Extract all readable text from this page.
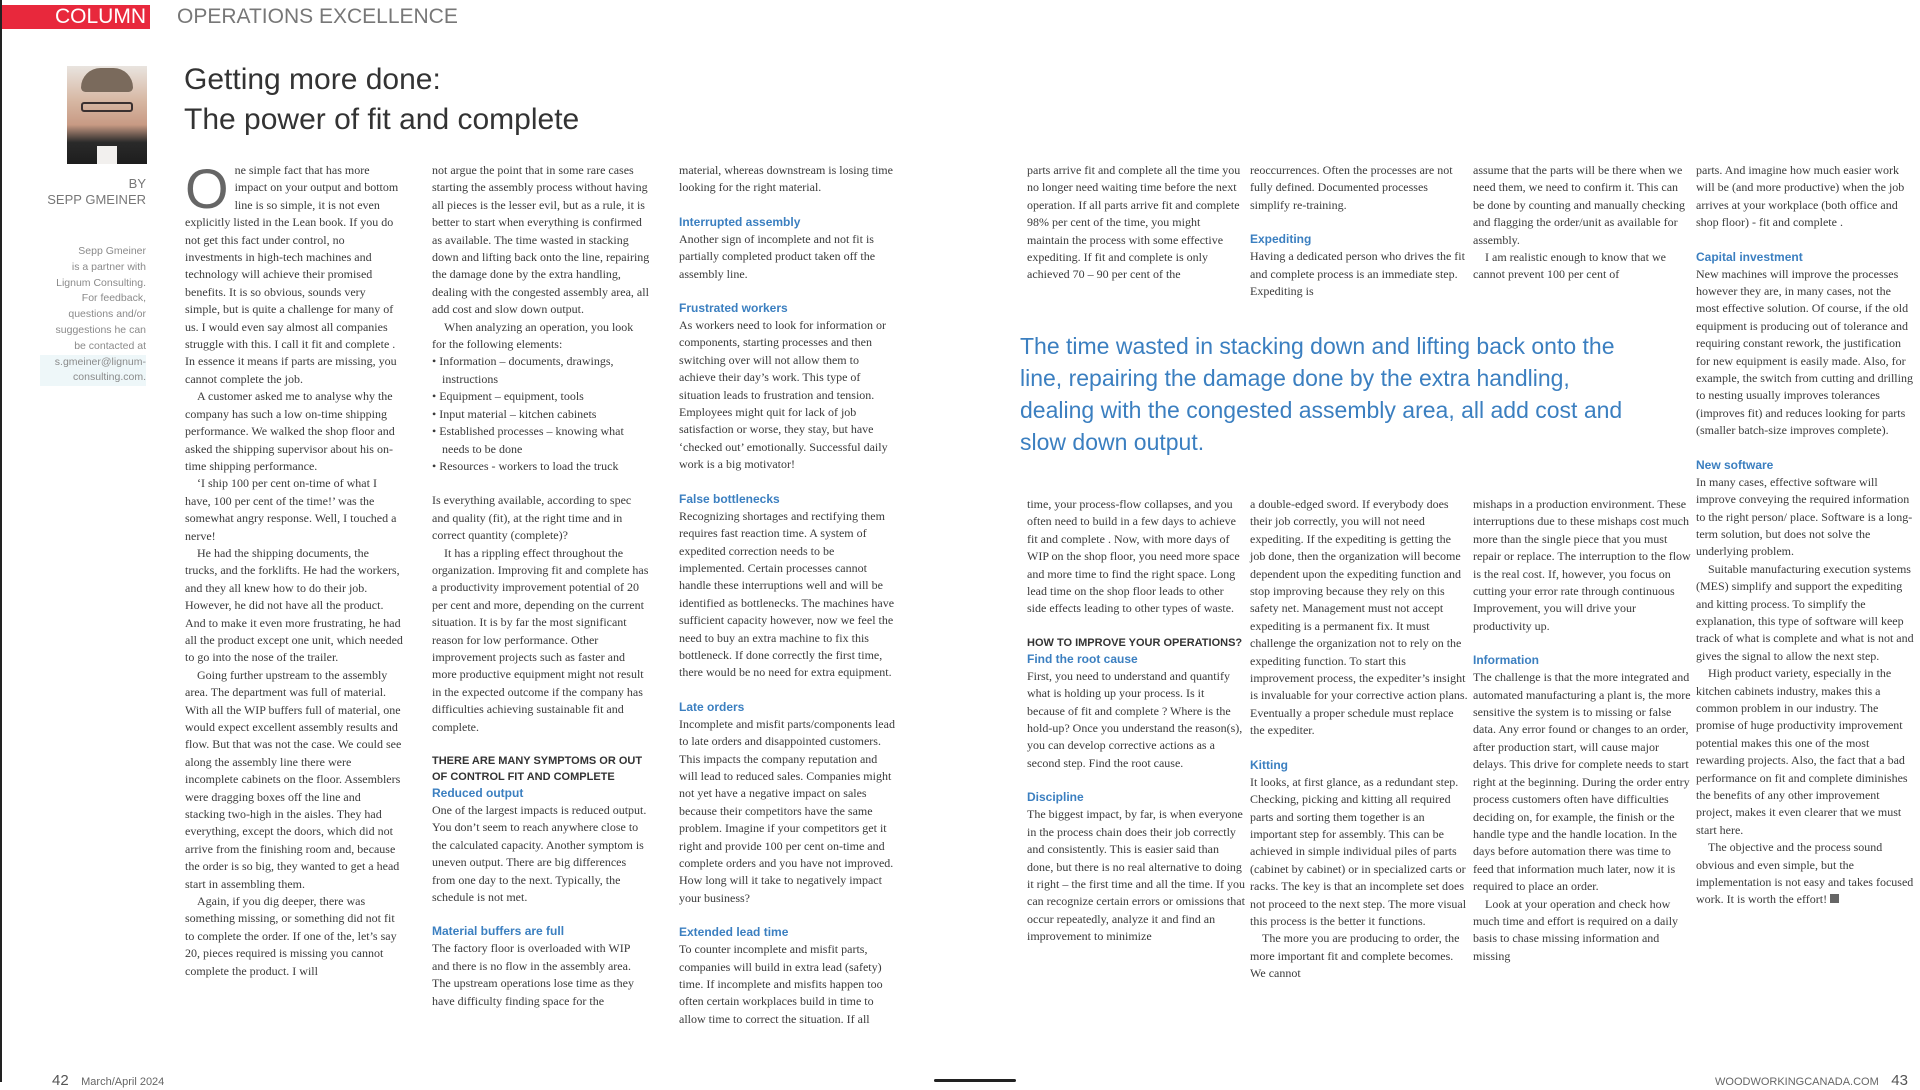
COLUMN OPERATIONS EXCELLENCE
Getting more done:
The power of fit and complete
BY
SEPP GMEINER
Sepp Gmeiner
is a partner with
Lignum Consulting.
For feedback,
questions and/or
suggestions he can
be contacted at
s.gmeiner@lignum-
consulting.com.
O ne simple fact that has more impact on your output and bottom line is so simple, it is not even explicitly listed in the Lean book. If you do not get this fact under control, no investments in high-tech machines and technology will achieve their promised benefits. It is so obvious, sounds very simple, but is quite a challenge for many of us. I would even say almost all companies struggle with this. I call it fit and complete . In essence it means if parts are missing, you cannot complete the job.

A customer asked me to analyse why the company has such a low on-time shipping performance. We walked the shop floor and asked the shipping supervisor about his on-time shipping performance.

‘I ship 100 per cent on-time of what I have, 100 per cent of the time!’ was the somewhat angry response. Well, I touched a nerve!

He had the shipping documents, the trucks, and the forklifts. He had the workers, and they all knew how to do their job. However, he did not have all the product. And to make it even more frustrating, he had all the product except one unit, which needed to go into the nose of the trailer.

Going further upstream to the assembly area. The department was full of material. With all the WIP buffers full of material, one would expect excellent assembly results and flow. But that was not the case. We could see along the assembly line there were incomplete cabinets on the floor. Assemblers were dragging boxes off the line and stacking two-high in the aisles. They had everything, except the doors, which did not arrive from the finishing room and, because the order is so big, they wanted to get a head start in assembling them.

Again, if you dig deeper, there was something missing, or something did not fit to complete the order. If one of the, let’s say 20, pieces required is missing you cannot complete the product. I will

not argue the point that in some rare cases starting the assembly process without having all pieces is the lesser evil, but as a rule, it is better to start when everything is confirmed as available. The time wasted in stacking down and lifting back onto the line, repairing the damage done by the extra handling, dealing with the congested assembly area, all add cost and slow down output.

When analyzing an operation, you look for the following elements:

• Information – documents, drawings, instructions
• Equipment – equipment, tools
• Input material – kitchen cabinets
• Established processes – knowing what needs to be done
• Resources - workers to load the truck

Is everything available, according to spec and quality (fit), at the right time and in correct quantity (complete)?

It has a rippling effect throughout the organization. Improving fit and complete has a productivity improvement potential of 20 per cent and more, depending on the current situation. It is by far the most significant reason for low performance. Other improvement projects such as faster and more productive equipment might not result in the expected outcome if the company has difficulties achieving sustainable fit and complete.

THERE ARE MANY SYMPTOMS OR OUT OF CONTROL FIT AND COMPLETE
Reduced output

One of the largest impacts is reduced output. You don’t seem to reach anywhere close to the calculated capacity. Another symptom is uneven output. There are big differences from one day to the next. Typically, the schedule is not met.

Material buffers are full

The factory floor is overloaded with WIP and there is no flow in the assembly area. The upstream operations lose time as they have difficulty finding space for the

material, whereas downstream is losing time looking for the right material.

Interrupted assembly

Another sign of incomplete and not fit is partially completed product taken off the assembly line.

Frustrated workers

As workers need to look for information or components, starting processes and then switching over will not allow them to achieve their day’s work. This type of situation leads to frustration and tension. Employees might quit for lack of job satisfaction or worse, they stay, but have ‘checked out’ emotionally. Successful daily work is a big motivator!

False bottlenecks

Recognizing shortages and rectifying them requires fast reaction time. A system of expedited correction needs to be implemented. Certain processes cannot handle these interruptions well and will be identified as bottlenecks. The machines have sufficient capacity however, now we feel the need to buy an extra machine to fix this bottleneck. If done correctly the first time, there would be no need for extra equipment.

Late orders

Incomplete and misfit parts/components lead to late orders and disappointed customers. This impacts the company reputation and will lead to reduced sales. Companies might not yet have a negative impact on sales because their competitors have the same problem. Imagine if your competitors get it right and provide 100 per cent on-time and complete orders and you have not improved. How long will it take to negatively impact your business?

Extended lead time

To counter incomplete and misfit parts, companies will build in extra lead (safety) time. If incomplete and misfits happen too often certain workplaces build in time to allow time to correct the situation. If all

parts arrive fit and complete all the time you no longer need waiting time before the next operation. If all parts arrive fit and complete 98% per cent of the time, you might maintain the process with some effective expediting. If fit and complete is only achieved 70 – 90 per cent of the

reoccurrences. Often the processes are not fully defined. Documented processes simplify re-training.

Expediting

Having a dedicated person who drives the fit and complete process is an immediate step. Expediting is

assume that the parts will be there when we need them, we need to confirm it. This can be done by counting and manually checking and flagging the order/unit as available for assembly.

I am realistic enough to know that we cannot prevent 100 per cent of

The time wasted in stacking down and lifting back onto the line, repairing the damage done by the extra handling, dealing with the congested assembly area, all add cost and slow down output.

time, your process-flow collapses, and you often need to build in a few days to achieve fit and complete . Now, with more days of WIP on the shop floor, you need more space and more time to find the right space. Long lead time on the shop floor leads to other side effects leading to other types of waste.

HOW TO IMPROVE YOUR OPERATIONS?
Find the root cause

First, you need to understand and quantify what is holding up your process. Is it because of fit and complete ? Where is the hold-up? Once you understand the reason(s), you can develop corrective actions as a second step. Find the root cause.

Discipline

The biggest impact, by far, is when everyone in the process chain does their job correctly and consistently. This is easier said than done, but there is no real alternative to doing it right – the first time and all the time. If you can recognize certain errors or omissions that occur repeatedly, analyze it and find an improvement to minimize

a double-edged sword. If everybody does their job correctly, you will not need expediting. If the expediting is getting the job done, then the organization will become dependent upon the expediting function and stop improving because they rely on this safety net. Management must not accept expediting is a permanent fix. It must challenge the organization not to rely on the expediting function. To start this improvement process, the expediter’s insight is invaluable for your corrective action plans. Eventually a proper schedule must replace the expediter.

Kitting

It looks, at first glance, as a redundant step. Checking, picking and kitting all required parts and sorting them together is an important step for assembly. This can be achieved in simple individual piles of parts (cabinet by cabinet) or in specialized carts or racks. The key is that an incomplete set does not proceed to the next step. The more visual this process is the better it functions.

The more you are producing to order, the more important fit and complete becomes. We cannot

mishaps in a production environment. These interruptions due to these mishaps cost much more than the single piece that you must repair or replace. The interruption to the flow is the real cost. If, however, you focus on cutting your error rate through continuous Improvement, you will drive your productivity up.

Information

The challenge is that the more integrated and automated manufacturing a plant is, the more sensitive the system is to missing or false data. Any error found or changes to an order, after production start, will cause major delays. This drive for complete needs to start right at the beginning. During the order entry process customers often have difficulties deciding on, for example, the finish or the handle type and the handle location. In the days before automation there was time to feed that information much later, now it is required to place an order.

Look at your operation and check how much time and effort is required on a daily basis to chase missing information and missing

parts. And imagine how much easier work will be (and more productive) when the job arrives at your workplace (both office and shop floor) - fit and complete .

Capital investment

New machines will improve the processes however they are, in many cases, not the most effective solution. Of course, if the old equipment is producing out of tolerance and requiring constant rework, the justification for new equipment is easily made. Also, for example, the switch from cutting and drilling to nesting usually improves tolerances (improves fit) and reduces looking for parts (smaller batch-size improves complete).

New software

In many cases, effective software will improve conveying the required information to the right person/ place. Software is a long-term solution, but does not solve the underlying problem.

Suitable manufacturing execution systems (MES) simplify and support the expediting and kitting process. To simplify the explanation, this type of software will keep track of what is complete and what is not and gives the signal to allow the next step.

High product variety, especially in the kitchen cabinets industry, makes this a common problem in our industry. The promise of huge productivity improvement potential makes this one of the most rewarding projects. Also, the fact that a bad performance on fit and complete diminishes the benefits of any other improvement project, makes it even clearer that we must start here.

The objective and the process sound obvious and even simple, but the implementation is not easy and takes focused work. It is worth the effort!

42 March/April 2024	WOODWORKINGCANADA.COM 43
